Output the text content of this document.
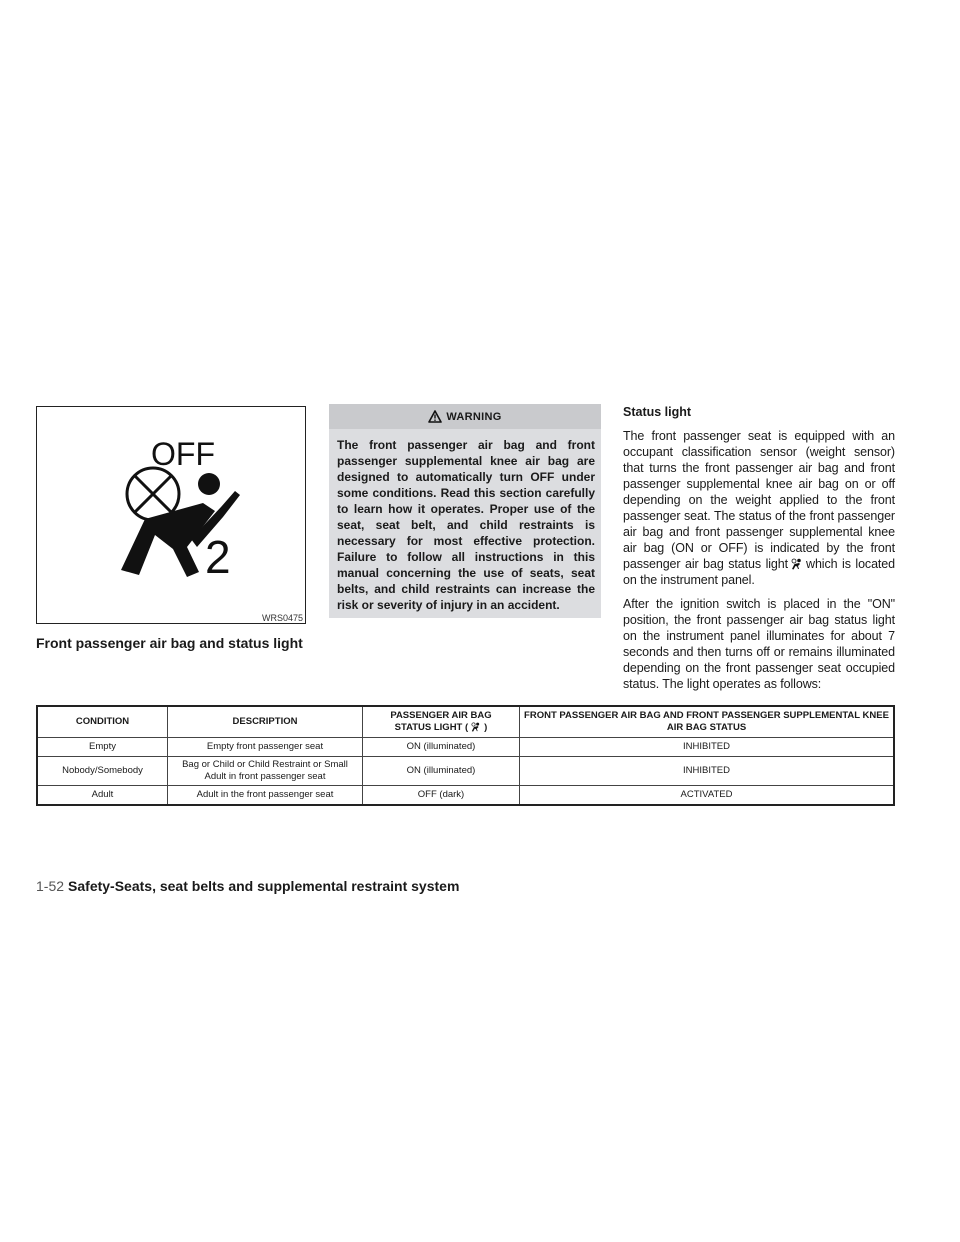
OFF
2
WRS0475
Front passenger air bag and status light
WARNING
The front passenger air bag and front passenger supplemental knee air bag are designed to automatically turn OFF under some conditions. Read this section carefully to learn how it operates. Proper use of the seat, seat belt, and child restraints is necessary for most effective protection. Failure to follow all instructions in this manual concerning the use of seats, seat belts, and child restraints can increase the risk or severity of injury in an accident.
Status light

The front passenger seat is equipped with an occupant classification sensor (weight sensor) that turns the front passenger air bag and front passenger supplemental knee air bag on or off depending on the weight applied to the front passenger seat. The status of the front passenger air bag and front passenger supplemental knee air bag (ON or OFF) is indicated by the front passenger air bag status light which is located on the instrument panel.

After the ignition switch is placed in the "ON" position, the front passenger air bag status light on the instrument panel illuminates for about 7 seconds and then turns off or remains illuminated depending on the front passenger seat occupied status. The light operates as follows:

CONDITION	DESCRIPTION	PASSENGER AIR BAG
STATUS LIGHT ( )	FRONT PASSENGER AIR BAG AND FRONT PASSENGER SUPPLEMENTAL KNEE AIR BAG STATUS
Empty	Empty front passenger seat	ON (illuminated)	INHIBITED
Nobody/Somebody	Bag or Child or Child Restraint or Small Adult in front passenger seat	ON (illuminated)	INHIBITED
Adult	Adult in the front passenger seat	OFF (dark)	ACTIVATED
1-52 Safety-Seats, seat belts and supplemental restraint system
